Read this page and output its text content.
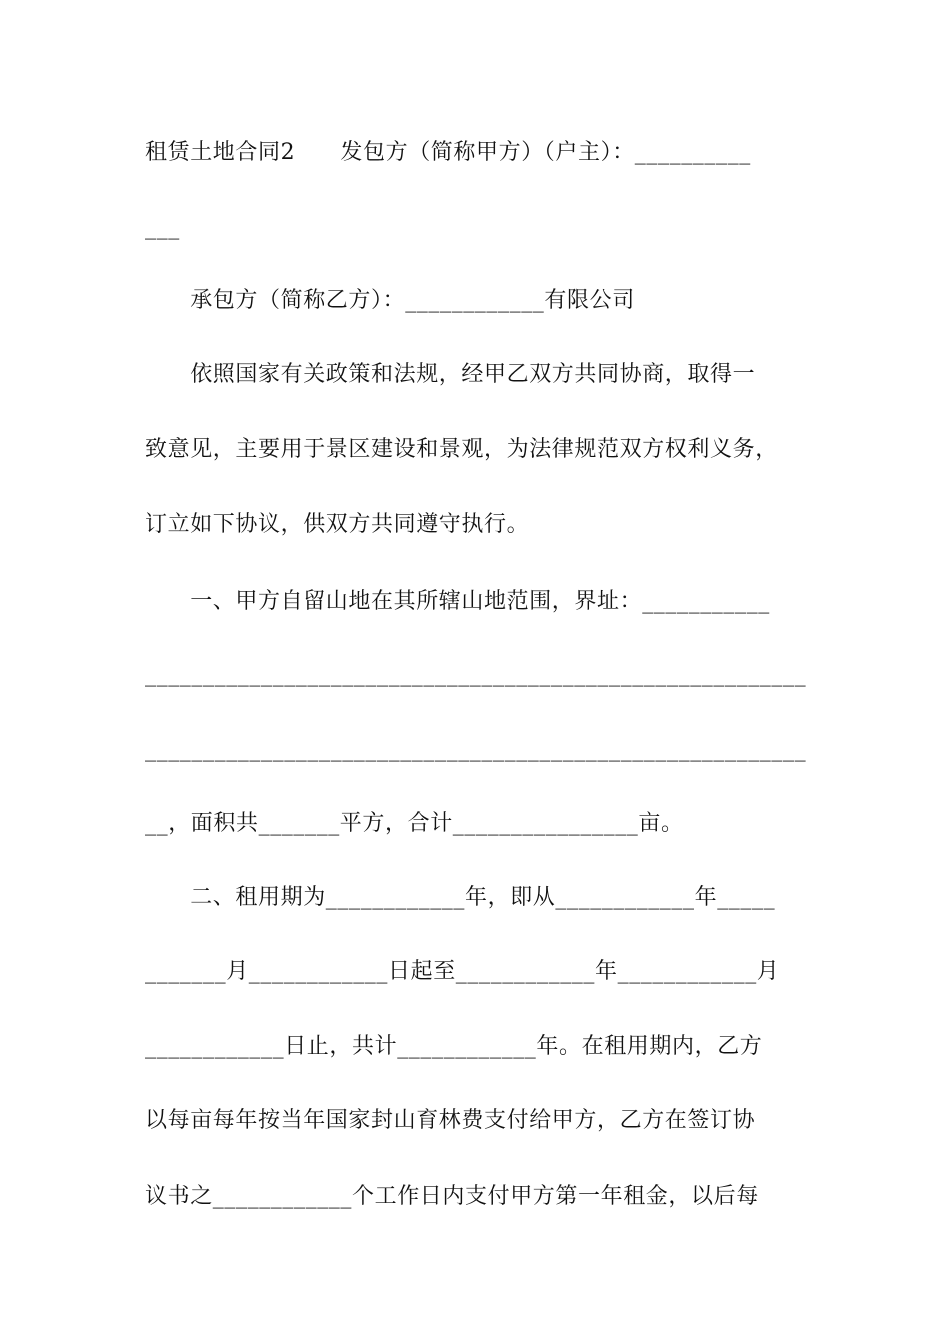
租赁土地合同2　　发包方（简称甲方）（户主）：__________
___
　　承包方（简称乙方）：____________有限公司
　　依照国家有关政策和法规，经甲乙双方共同协商，取得一
致意见，主要用于景区建设和景观，为法律规范双方权利义务，
订立如下协议，供双方共同遵守执行。
　　一、甲方自留山地在其所辖山地范围，界址：___________
_________________________________________________________
_________________________________________________________
__，面积共_______平方，合计________________亩。
　　二、租用期为____________年，即从____________年_____
_______月____________日起至____________年____________月
____________日止，共计____________年。在租用期内，乙方
以每亩每年按当年国家封山育林费支付给甲方，乙方在签订协
议书之____________个工作日内支付甲方第一年租金，以后每
